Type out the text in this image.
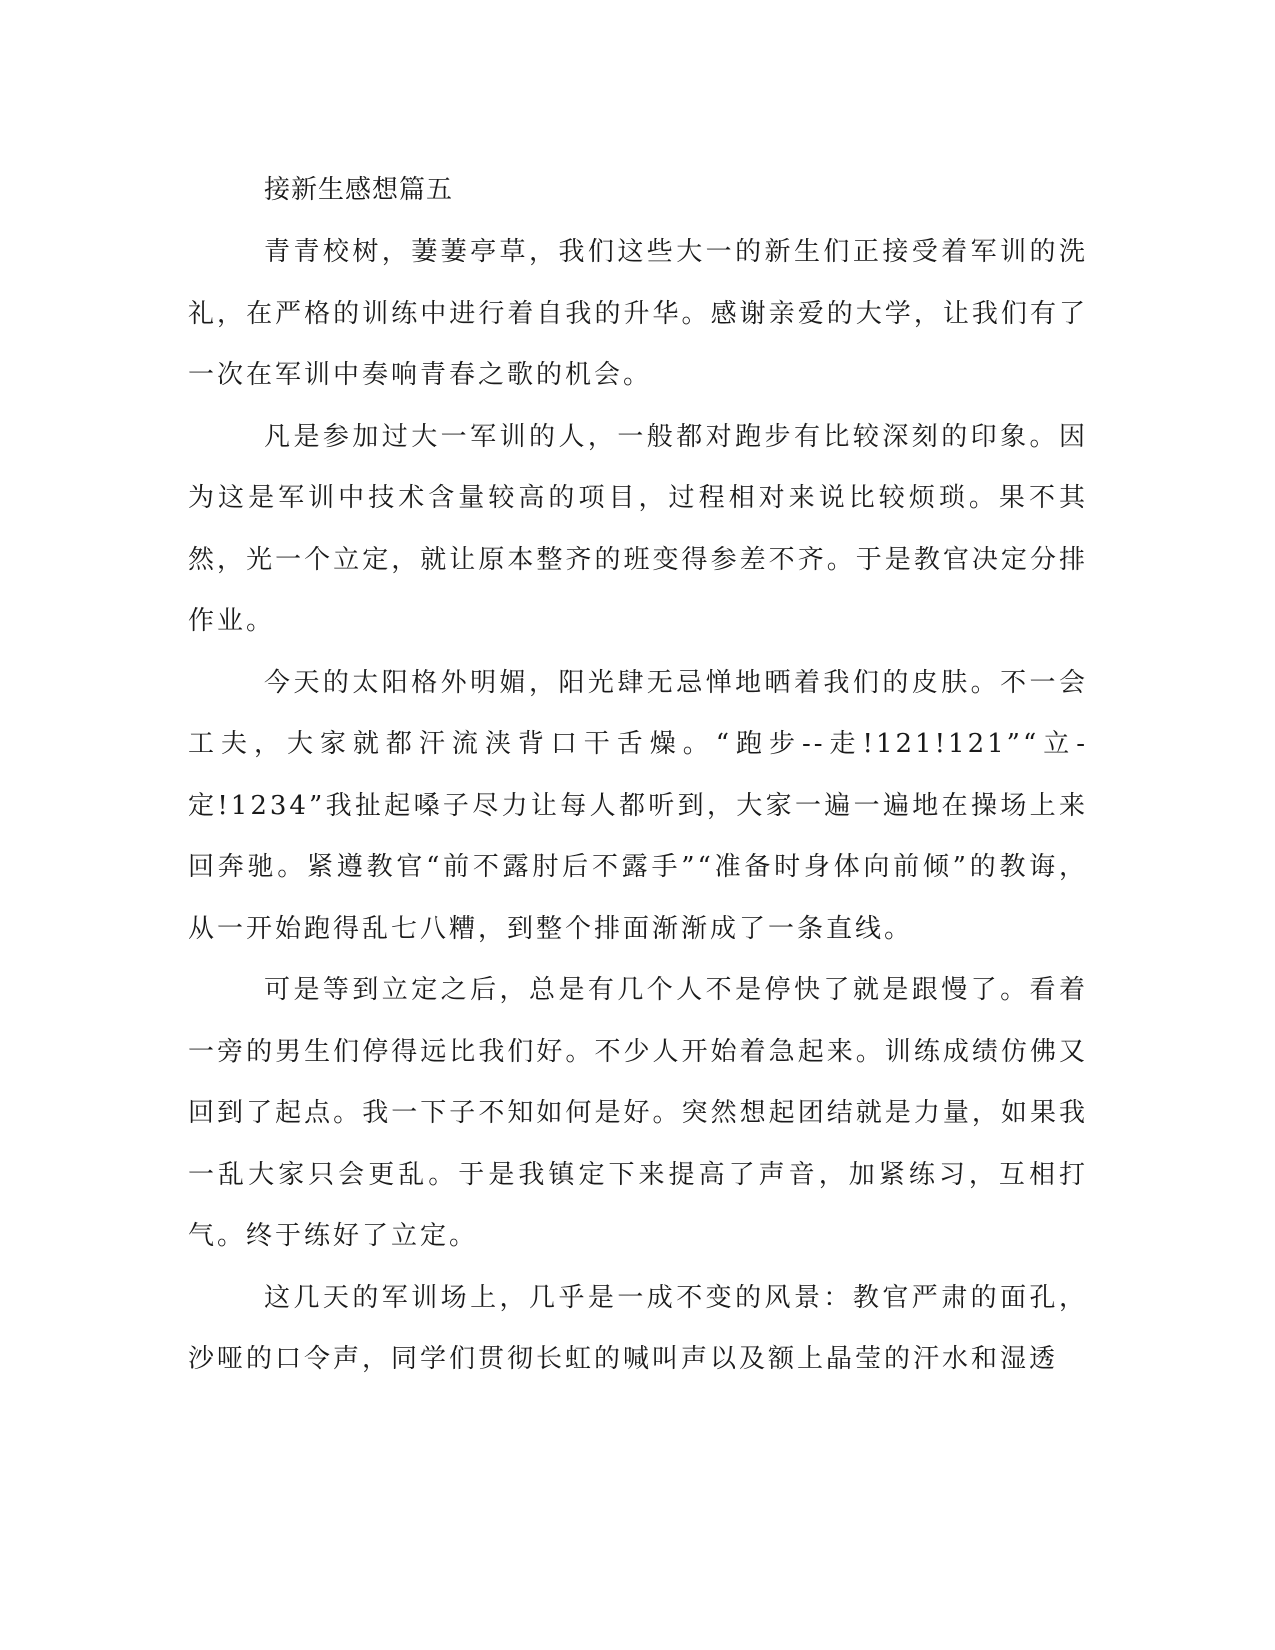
接新生感想篇五

青青校树，萋萋亭草，我们这些大一的新生们正接受着军训的洗礼，在严格的训练中进行着自我的升华。感谢亲爱的大学，让我们有了一次在军训中奏响青春之歌的机会。

凡是参加过大一军训的人，一般都对跑步有比较深刻的印象。因为这是军训中技术含量较高的项目，过程相对来说比较烦琐。果不其然，光一个立定，就让原本整齐的班变得参差不齐。于是教官决定分排作业。

今天的太阳格外明媚，阳光肆无忌惮地晒着我们的皮肤。不一会工夫，大家就都汗流浃背口干舌燥。“跑步--走!121!121”“立-定!1234”我扯起嗓子尽力让每人都听到，大家一遍一遍地在操场上来回奔驰。紧遵教官“前不露肘后不露手”“准备时身体向前倾”的教诲，从一开始跑得乱七八糟，到整个排面渐渐成了一条直线。

可是等到立定之后，总是有几个人不是停快了就是跟慢了。看着一旁的男生们停得远比我们好。不少人开始着急起来。训练成绩仿佛又回到了起点。我一下子不知如何是好。突然想起团结就是力量，如果我一乱大家只会更乱。于是我镇定下来提高了声音，加紧练习，互相打气。终于练好了立定。

这几天的军训场上，几乎是一成不变的风景：教官严肃的面孔，沙哑的口令声，同学们贯彻长虹的喊叫声以及额上晶莹的汗水和湿透
